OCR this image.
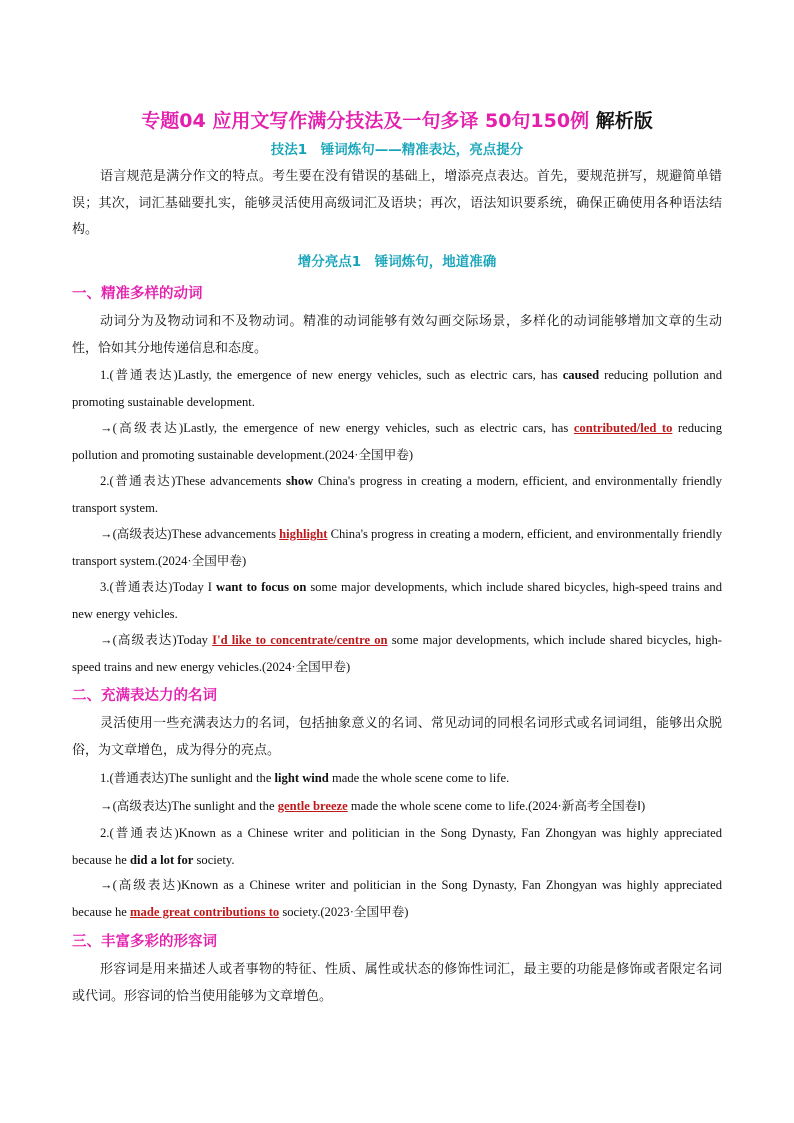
专题04 应用文写作满分技法及一句多译 50句150例 解析版
技法1　锤词炼句——精准表达，亮点提分
语言规范是满分作文的特点。考生要在没有错误的基础上，增添亮点表达。首先，要规范拼写，规避简单错误；其次，词汇基础要扎实，能够灵活使用高级词汇及语块；再次，语法知识要系统，确保正确使用各种语法结构。
增分亮点1　锤词炼句，地道准确
一、精准多样的动词
动词分为及物动词和不及物动词。精准的动词能够有效勾画交际场景，多样化的动词能够增加文章的生动性，恰如其分地传递信息和态度。
1.(普通表达)Lastly, the emergence of new energy vehicles, such as electric cars, has caused reducing pollution and promoting sustainable development.
→(高级表达)Lastly, the emergence of new energy vehicles, such as electric cars, has contributed/led to reducing pollution and promoting sustainable development.(2024·全国甲卷)
2.(普通表达)These advancements show China's progress in creating a modern, efficient, and environmentally friendly transport system.
→(高级表达)These advancements highlight China's progress in creating a modern, efficient, and environmentally friendly transport system.(2024·全国甲卷)
3.(普通表达)Today I want to focus on some major developments, which include shared bicycles, high-speed trains and new energy vehicles.
→(高级表达)Today I'd like to concentrate/centre on some major developments, which include shared bicycles, high-speed trains and new energy vehicles.(2024·全国甲卷)
二、充满表达力的名词
灵活使用一些充满表达力的名词，包括抽象意义的名词、常见动词的同根名词形式或名词词组，能够出众脱俗，为文章增色，成为得分的亮点。
1.(普通表达)The sunlight and the light wind made the whole scene come to life.
→(高级表达)The sunlight and the gentle breeze made the whole scene come to life.(2024·新高考全国卷Ⅰ)
2.(普通表达)Known as a Chinese writer and politician in the Song Dynasty, Fan Zhongyan was highly appreciated because he did a lot for society.
→(高级表达)Known as a Chinese writer and politician in the Song Dynasty, Fan Zhongyan was highly appreciated because he made great contributions to society.(2023·全国甲卷)
三、丰富多彩的形容词
形容词是用来描述人或者事物的特征、性质、属性或状态的修饰性词汇，最主要的功能是修饰或者限定名词或代词。形容词的恰当使用能够为文章增色。
